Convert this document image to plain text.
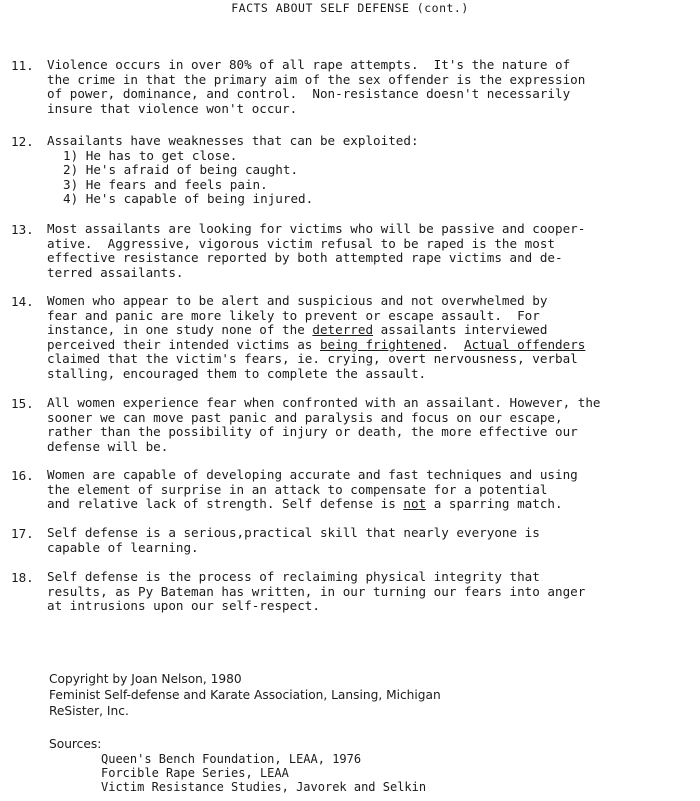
FACTS ABOUT SELF DEFENSE (cont.)
11.	Violence occurs in over 80% of all rape attempts.  It's the nature of
the crime in that the primary aim of the sex offender is the expression
of power, dominance, and control.  Non-resistance doesn't necessarily
insure that violence won't occur.
12.	Assailants have weaknesses that can be exploited:
1) He has to get close.
2) He's afraid of being caught.
3) He fears and feels pain.
4) He's capable of being injured.
13.	Most assailants are looking for victims who will be passive and cooper-
ative.  Aggressive, vigorous victim refusal to be raped is the most
effective resistance reported by both attempted rape victims and de-
terred assailants.
14.	Women who appear to be alert and suspicious and not overwhelmed by
fear and panic are more likely to prevent or escape assault.  For
instance, in one study none of the deterred assailants interviewed
perceived their intended victims as being frightened.  Actual offenders
claimed that the victim's fears, ie. crying, overt nervousness, verbal
stalling, encouraged them to complete the assault.
15.	All women experience fear when confronted with an assailant. However, the
sooner we can move past panic and paralysis and focus on our escape,
rather than the possibility of injury or death, the more effective our
defense will be.
16.	Women are capable of developing accurate and fast techniques and using
the element of surprise in an attack to compensate for a potential
and relative lack of strength. Self defense is not a sparring match.
17.	Self defense is a serious,practical skill that nearly everyone is
capable of learning.
18.	Self defense is the process of reclaiming physical integrity that
results, as Py Bateman has written, in our turning our fears into anger
at intrusions upon our self-respect.
Copyright by Joan Nelson, 1980
Feminist Self-defense and Karate Association, Lansing, Michigan
ReSister, Inc.
Sources:
Queen's Bench Foundation, LEAA, 1976
Forcible Rape Series, LEAA
Victim Resistance Studies, Javorek and Selkin
